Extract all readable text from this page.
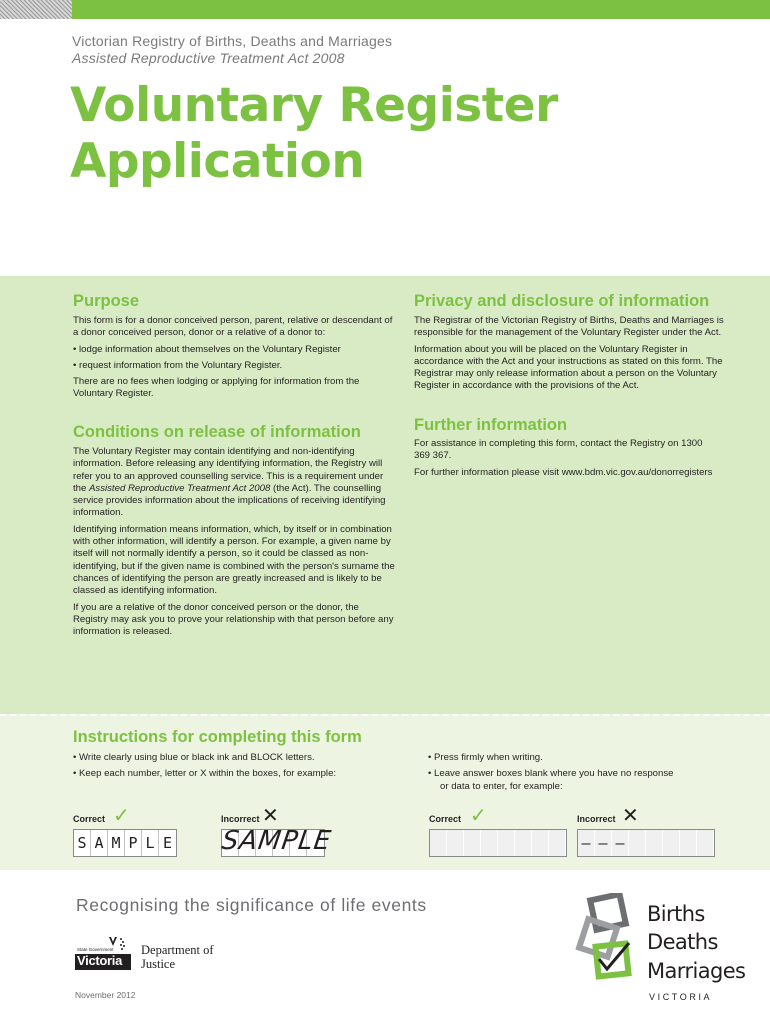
Victorian Registry of Births, Deaths and Marriages
Assisted Reproductive Treatment Act 2008
Voluntary Register
Application
Purpose

This form is for a donor conceived person, parent, relative or descendant of a donor conceived person, donor or a relative of a donor to:

• lodge information about themselves on the Voluntary Register

• request information from the Voluntary Register.

There are no fees when lodging or applying for information from the Voluntary Register.

Conditions on release of information

The Voluntary Register may contain identifying and non-identifying information. Before releasing any identifying information, the Registry will refer you to an approved counselling service. This is a requirement under the Assisted Reproductive Treatment Act 2008 (the Act). The counselling service provides information about the implications of receiving identifying information.

Identifying information means information, which, by itself or in combination with other information, will identify a person. For example, a given name by itself will not normally identify a person, so it could be classed as non-identifying, but if the given name is combined with the person's surname the chances of identifying the person are greatly increased and is likely to be classed as identifying information.

If you are a relative of the donor conceived person or the donor, the Registry may ask you to prove your relationship with that person before any information is released.

Privacy and disclosure of information

The Registrar of the Victorian Registry of Births, Deaths and Marriages is responsible for the management of the Voluntary Register under the Act.

Information about you will be placed on the Voluntary Register in accordance with the Act and your instructions as stated on this form. The Registrar may only release information about a person on the Voluntary Register in accordance with the provisions of the Act.

Further information

For assistance in completing this form, contact the Registry on 1300 369 367.

For further information please visit www.bdm.vic.gov.au/donorregisters

Instructions for completing this form

• Write clearly using blue or black ink and BLOCK letters.

• Keep each number, letter or X within the boxes, for example:

• Press firmly when writing.

• Leave answer boxes blank where you have no response

or data to enter, for example:

Correct ✓
S A M P L E
Incorrect ✕
SAMPLE
Correct ✓	Incorrect ✕
– – –
Recognising the significance of life events
State Government
Victoria
Department of
Justice
November 2012
Births
Deaths
Marriages
VICTORIA
